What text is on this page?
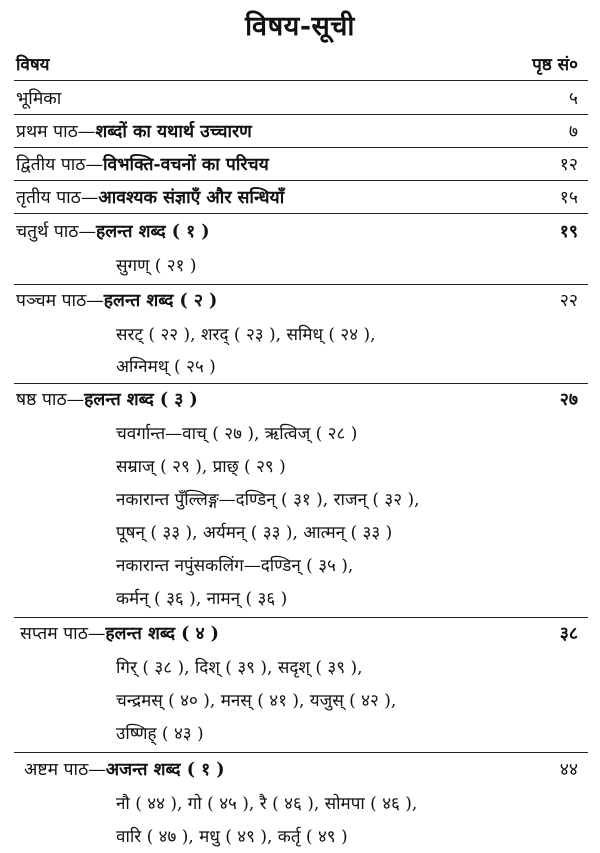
विषय-सूची
विषय	पृष्ठ सं०
भूमिका	५
प्रथम पाठ—शब्दों का यथार्थ उच्चारण	७
द्वितीय पाठ—विभक्ति-वचनों का परिचय	१२
तृतीय पाठ—आवश्यक संज्ञाएँ और सन्धियाँ	१५
चतुर्थ पाठ—हलन्त शब्द ( १ )	१९
सुगण् ( २१ )
पञ्चम पाठ—हलन्त शब्द ( २ )	२२
सरट् ( २२ ), शरद् ( २३ ), समिध् ( २४ ),
अग्निमथ् ( २५ )
षष्ठ पाठ—हलन्त शब्द ( ३ )	२७
चवर्गान्त—वाच् ( २७ ), ऋत्विज् ( २८ )
सम्राज् ( २९ ), प्राछ् ( २९ )
नकारान्त पुँल्लिङ्ग—दण्डिन् ( ३१ ), राजन् ( ३२ ),
पूषन् ( ३३ ), अर्यमन् ( ३३ ), आत्मन् ( ३३ )
नकारान्त नपुंसकलिंग—दण्डिन् ( ३५ ),
कर्मन् ( ३६ ), नामन् ( ३६ )
सप्तम पाठ—हलन्त शब्द ( ४ )	३८
गिर् ( ३८ ), दिश् ( ३९ ), सदृश् ( ३९ ),
चन्द्रमस् ( ४० ), मनस् ( ४१ ), यजुस् ( ४२ ),
उष्णिह् ( ४३ )
अष्टम पाठ—अजन्त शब्द ( १ )	४४
नौ ( ४४ ), गो ( ४५ ), रै ( ४६ ), सोमपा ( ४६ ),
वारि ( ४७ ), मधु ( ४९ ), कर्तृ ( ४९ )
